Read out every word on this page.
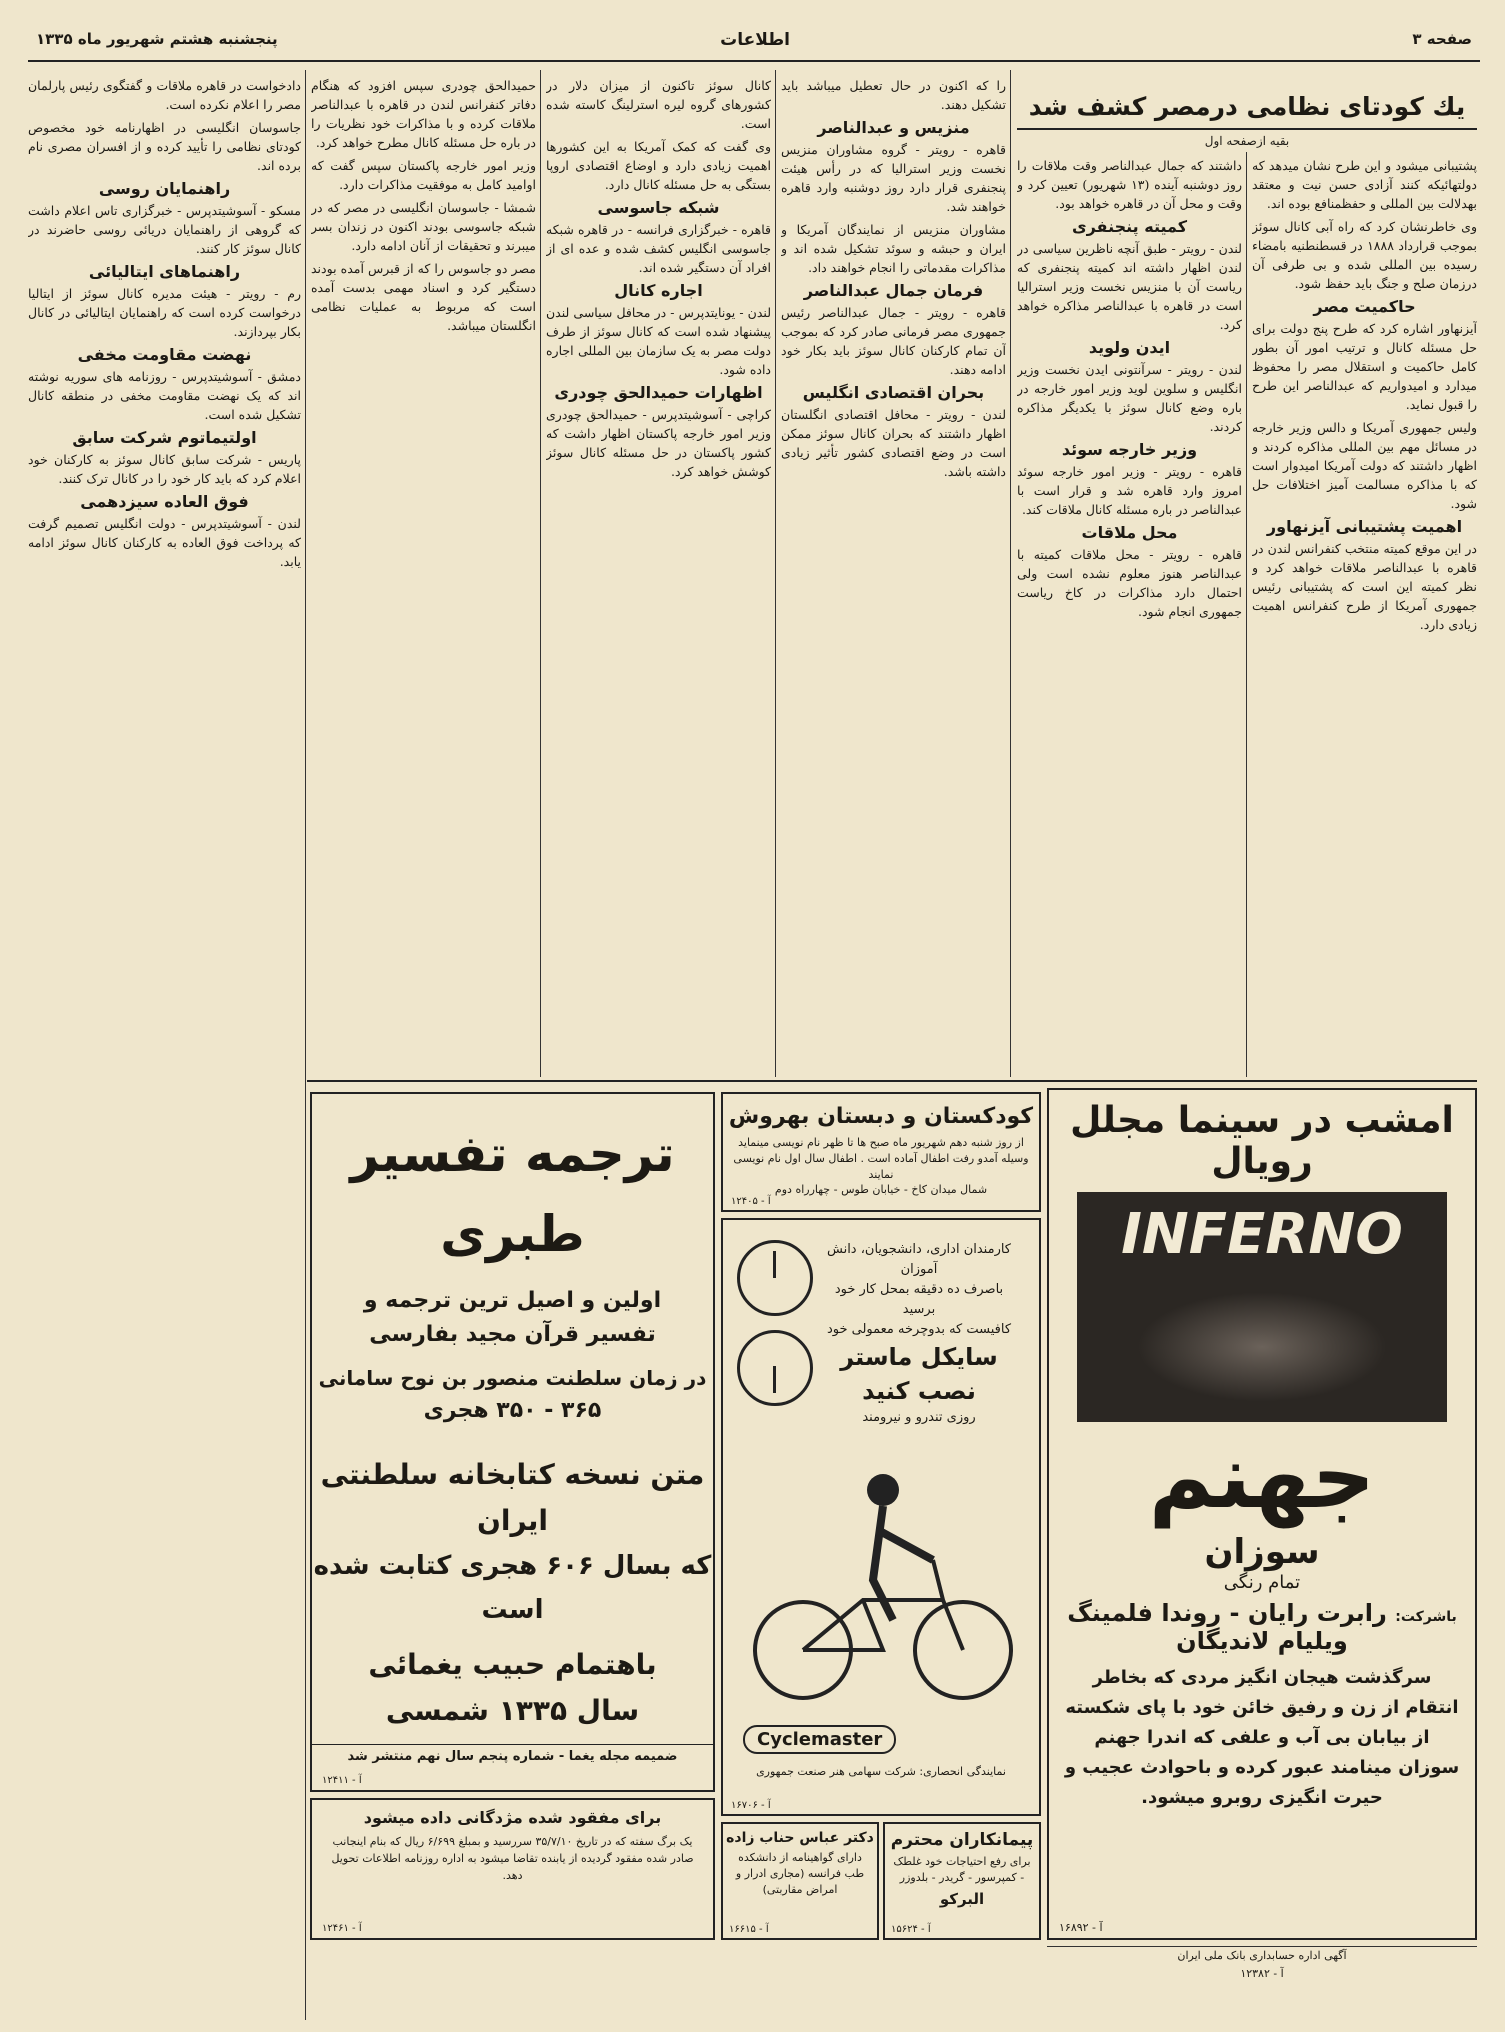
صفحه ۳
اطلاعات
پنجشنبه هشتم شهریور ماه ۱۳۳۵
یك كودتای نظامی درمصر كشف شد
بقیه ازصفحه اول

پشتیبانی میشود و این طرح نشان میدهد که دولتهائیکه کنند آزادی حسن نیت و معتقد بهدلالت بین المللی و حفظمنافع بوده اند.

وی خاطرنشان کرد که راه آبی کانال سوئز بموجب قرارداد ۱۸۸۸ در قسطنطنیه بامضاء رسیده بین المللی شده و بی طرفی آن درزمان صلح و جنگ باید حفظ شود.

حاکمیت مصر

آیزنهاور اشاره کرد که طرح پنج دولت برای حل مسئله کانال و ترتیب امور آن بطور کامل حاکمیت و استقلال مصر را محفوظ میدارد و امیدواریم که عبدالناصر این طرح را قبول نماید.

ولیس جمهوری آمریکا و دالس وزیر خارجه در مسائل مهم بین المللی مذاکره کردند و اظهار داشتند که دولت آمریکا امیدوار است که با مذاکره مسالمت آمیز اختلافات حل شود.

اهمیت پشتیبانی آیزنهاور

در این موقع کمیته منتخب کنفرانس لندن در قاهره با عبدالناصر ملاقات خواهد کرد و نظر کمیته این است که پشتیبانی رئیس جمهوری آمریکا از طرح کنفرانس اهمیت زیادی دارد.

داشتند که جمال عبدالناصر وقت ملاقات را روز دوشنبه آینده (۱۳ شهریور) تعیین کرد و وقت و محل آن در قاهره خواهد بود.

کمیته پنجنفری

لندن - رویتر - طبق آنچه ناظرین سیاسی در لندن اظهار داشته اند کمیته پنجنفری که ریاست آن با منزیس نخست وزیر استرالیا است در قاهره با عبدالناصر مذاکره خواهد کرد.

ایدن ولوید

لندن - رویتر - سرآنتونی ایدن نخست وزیر انگلیس و سلوین لوید وزیر امور خارجه در باره وضع کانال سوئز با یکدیگر مذاکره کردند.

وزیر خارجه سوئد

قاهره - رویتر - وزیر امور خارجه سوئد امروز وارد قاهره شد و قرار است با عبدالناصر در باره مسئله کانال ملاقات کند.

محل ملاقات

قاهره - رویتر - محل ملاقات کمیته با عبدالناصر هنوز معلوم نشده است ولی احتمال دارد مذاکرات در کاخ ریاست جمهوری انجام شود.

را که اکنون در حال تعطیل میباشد باید تشکیل دهند.

منزیس و عبدالناصر

قاهره - رویتر - گروه مشاوران منزیس نخست وزیر استرالیا که در رأس هیئت پنجنفری قرار دارد روز دوشنبه وارد قاهره خواهند شد.

مشاوران منزیس از نمایندگان آمریکا و ایران و حبشه و سوئد تشکیل شده اند و مذاکرات مقدماتی را انجام خواهند داد.

فرمان جمال عبدالناصر

قاهره - رویتر - جمال عبدالناصر رئیس جمهوری مصر فرمانی صادر کرد که بموجب آن تمام کارکنان کانال سوئز باید بکار خود ادامه دهند.

بحران اقتصادی انگلیس

لندن - رویتر - محافل اقتصادی انگلستان اظهار داشتند که بحران کانال سوئز ممکن است در وضع اقتصادی کشور تأثیر زیادی داشته باشد.

کانال سوئز تاکنون از میزان دلار در کشورهای گروه لیره استرلینگ کاسته شده است.

وی گفت که کمک آمریکا به این کشورها اهمیت زیادی دارد و اوضاع اقتصادی اروپا بستگی به حل مسئله کانال دارد.

شبکه جاسوسی

قاهره - خبرگزاری فرانسه - در قاهره شبکه جاسوسی انگلیس کشف شده و عده ای از افراد آن دستگیر شده اند.

اجاره کانال

لندن - یونایتدپرس - در محافل سیاسی لندن پیشنهاد شده است که کانال سوئز از طرف دولت مصر به یک سازمان بین المللی اجاره داده شود.

اظهارات حمیدالحق چودری

کراچی - آسوشیتدپرس - حمیدالحق چودری وزیر امور خارجه پاکستان اظهار داشت که کشور پاکستان در حل مسئله کانال سوئز کوشش خواهد کرد.

حمیدالحق چودری سپس افزود که هنگام دفاتر کنفرانس لندن در قاهره با عبدالناصر ملاقات کرده و با مذاکرات خود نظریات را در باره حل مسئله کانال مطرح خواهد کرد.

وزیر امور خارجه پاکستان سپس گفت که اوامید کامل به موفقیت مذاکرات دارد.

شمشا - جاسوسان انگلیسی در مصر که در شبکه جاسوسی بودند اکنون در زندان بسر میبرند و تحقیقات از آنان ادامه دارد.

مصر دو جاسوس را که از قبرس آمده بودند دستگیر کرد و اسناد مهمی بدست آمده است که مربوط به عملیات نظامی انگلستان میباشد.

دادخواست در قاهره ملاقات و گفتگوی رئیس پارلمان مصر را اعلام نکرده است.

جاسوسان انگلیسی در اظهارنامه خود مخصوص کودتای نظامی را تأیید کرده و از افسران مصری نام برده اند.

راهنمایان روسی

مسکو - آسوشیتدپرس - خبرگزاری تاس اعلام داشت که گروهی از راهنمایان دریائی روسی حاضرند در کانال سوئز کار کنند.

راهنماهای ایتالیائی

رم - رویتر - هیئت مدیره کانال سوئز از ایتالیا درخواست کرده است که راهنمایان ایتالیائی در کانال بکار بپردازند.

نهضت مقاومت مخفی

دمشق - آسوشیتدپرس - روزنامه های سوریه نوشته اند که یک نهضت مقاومت مخفی در منطقه کانال تشکیل شده است.

اولتیماتوم شرکت سابق

پاریس - شرکت سابق کانال سوئز به کارکنان خود اعلام کرد که باید کار خود را در کانال ترک کنند.

فوق العاده سیزدهمی

لندن - آسوشیتدپرس - دولت انگلیس تصمیم گرفت که پرداخت فوق العاده به کارکنان کانال سوئز ادامه یابد.

امشب در سینما مجلل
رویال
INFERNO
جهنم
سوزان
تمام رنگی
باشرکت: رابرت رایان - روندا فلمینگ
ویلیام لاندیگان
سرگذشت هیجان انگیز مردی که بخاطر انتقام از زن و رفیق خائن خود با پای شکسته از بیابان بی آب و علفی که اندرا جهنم سوزان مینامند عبور کرده و باحوادث عجیب و حیرت انگیزی روبرو میشود.
آ - ۱۶۸۹۲
آگهی اداره حسابداری بانک ملی ایران
آ - ۱۲۳۸۲
کودکستان و دبستان بهروش
از روز شنبه دهم شهریور ماه صبح ها تا ظهر نام نویسی مینماید وسیله آمدو رفت اطفال آماده است . اطفال سال اول نام نویسی نمایند
شمال میدان کاخ - خیابان طوس - چهارراه دوم
آ - ۱۲۴۰۵
کارمندان اداری، دانشجویان، دانش آموزان
باصرف ده دقیقه بمحل کار خود برسید
کافیست که بدوچرخه معمولی خود
سایکل ماستر نصب کنید
روزی تندرو و نیرومند
Cyclemaster
نمایندگی انحصاری: شرکت سهامی هنر صنعت جمهوری
آ - ۱۶۷۰۶
پیمانکاران محترم
برای رفع احتیاجات خود غلطک - کمپرسور - گریدر - بلدوزر
البرکو
آ - ۱۵۶۲۴
دکتر عباس حناب زاده
دارای گواهینامه از دانشکده طب فرانسه (مجاری ادرار و امراض مقاربتی)
آ - ۱۶۶۱۵
ترجمه تفسیر طبری
اولین و اصیل ترین ترجمه و تفسیر قرآن مجید بفارسی
در زمان سلطنت منصور بن نوح سامانی
۳۶۵ - ۳۵۰ هجری
متن نسخه کتابخانه سلطنتی ایران
که بسال ۶۰۶ هجری کتابت شده است
باهتمام حبیب یغمائی
سال ۱۳۳۵ شمسی
ضمیمه مجله یغما - شماره پنجم سال نهم منتشر شد
آ - ۱۲۴۱۱
برای مفقود شده مژدگانی داده میشود
یک برگ سفته که در تاریخ ۳۵/۷/۱۰ سررسید و بمبلغ ۶/۶۹۹ ریال که بنام اینجانب صادر شده مفقود گردیده از یابنده تقاضا میشود به اداره روزنامه اطلاعات تحویل دهد.
آ - ۱۲۴۶۱
